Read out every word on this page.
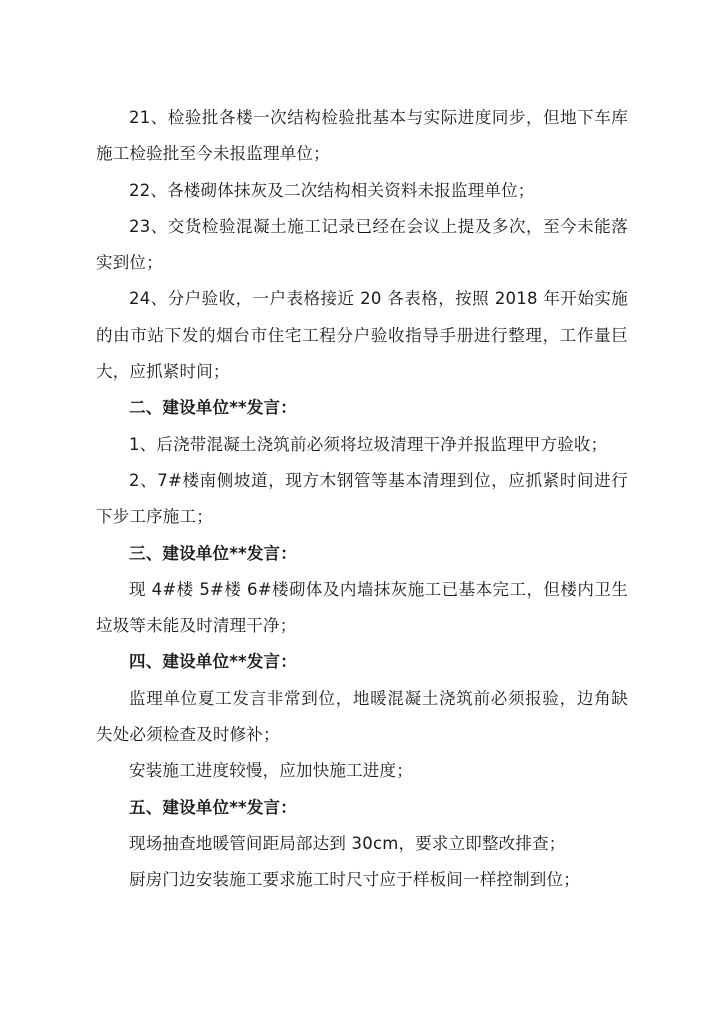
21、检验批各楼一次结构检验批基本与实际进度同步，但地下车库施工检验批至今未报监理单位；

22、各楼砌体抹灰及二次结构相关资料未报监理单位；

23、交货检验混凝土施工记录已经在会议上提及多次，至今未能落实到位；

24、分户验收，一户表格接近 20 各表格，按照 2018 年开始实施的由市站下发的烟台市住宅工程分户验收指导手册进行整理，工作量巨大，应抓紧时间；

二、建设单位**发言：

1、后浇带混凝土浇筑前必须将垃圾清理干净并报监理甲方验收；

2、7#楼南侧坡道，现方木钢管等基本清理到位，应抓紧时间进行下步工序施工；

三、建设单位**发言：

现 4#楼 5#楼 6#楼砌体及内墙抹灰施工已基本完工，但楼内卫生垃圾等未能及时清理干净；

四、建设单位**发言：

监理单位夏工发言非常到位，地暖混凝土浇筑前必须报验，边角缺失处必须检查及时修补；

安装施工进度较慢，应加快施工进度；

五、建设单位**发言：

现场抽查地暖管间距局部达到 30cm，要求立即整改排查；

厨房门边安装施工要求施工时尺寸应于样板间一样控制到位；
